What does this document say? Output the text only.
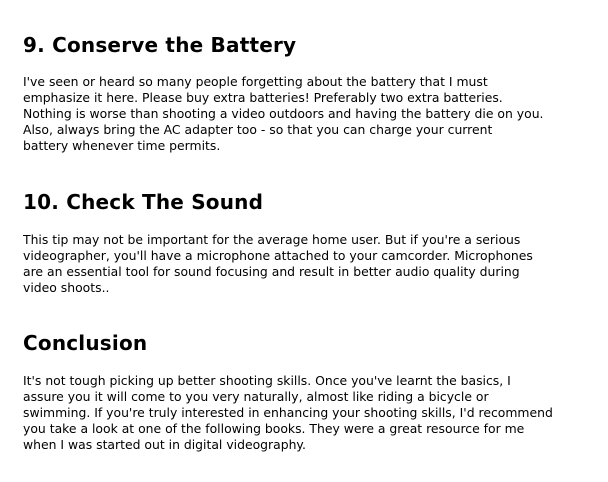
9. Conserve the Battery

I've seen or heard so many people forgetting about the battery that I must
emphasize it here. Please buy extra batteries! Preferably two extra batteries.
Nothing is worse than shooting a video outdoors and having the battery die on you.
Also, always bring the AC adapter too - so that you can charge your current
battery whenever time permits.

10. Check The Sound

This tip may not be important for the average home user. But if you're a serious
videographer, you'll have a microphone attached to your camcorder. Microphones
are an essential tool for sound focusing and result in better audio quality during
video shoots..

Conclusion

It's not tough picking up better shooting skills. Once you've learnt the basics, I
assure you it will come to you very naturally, almost like riding a bicycle or
swimming. If you're truly interested in enhancing your shooting skills, I'd recommend
you take a look at one of the following books. They were a great resource for me
when I was started out in digital videography.
